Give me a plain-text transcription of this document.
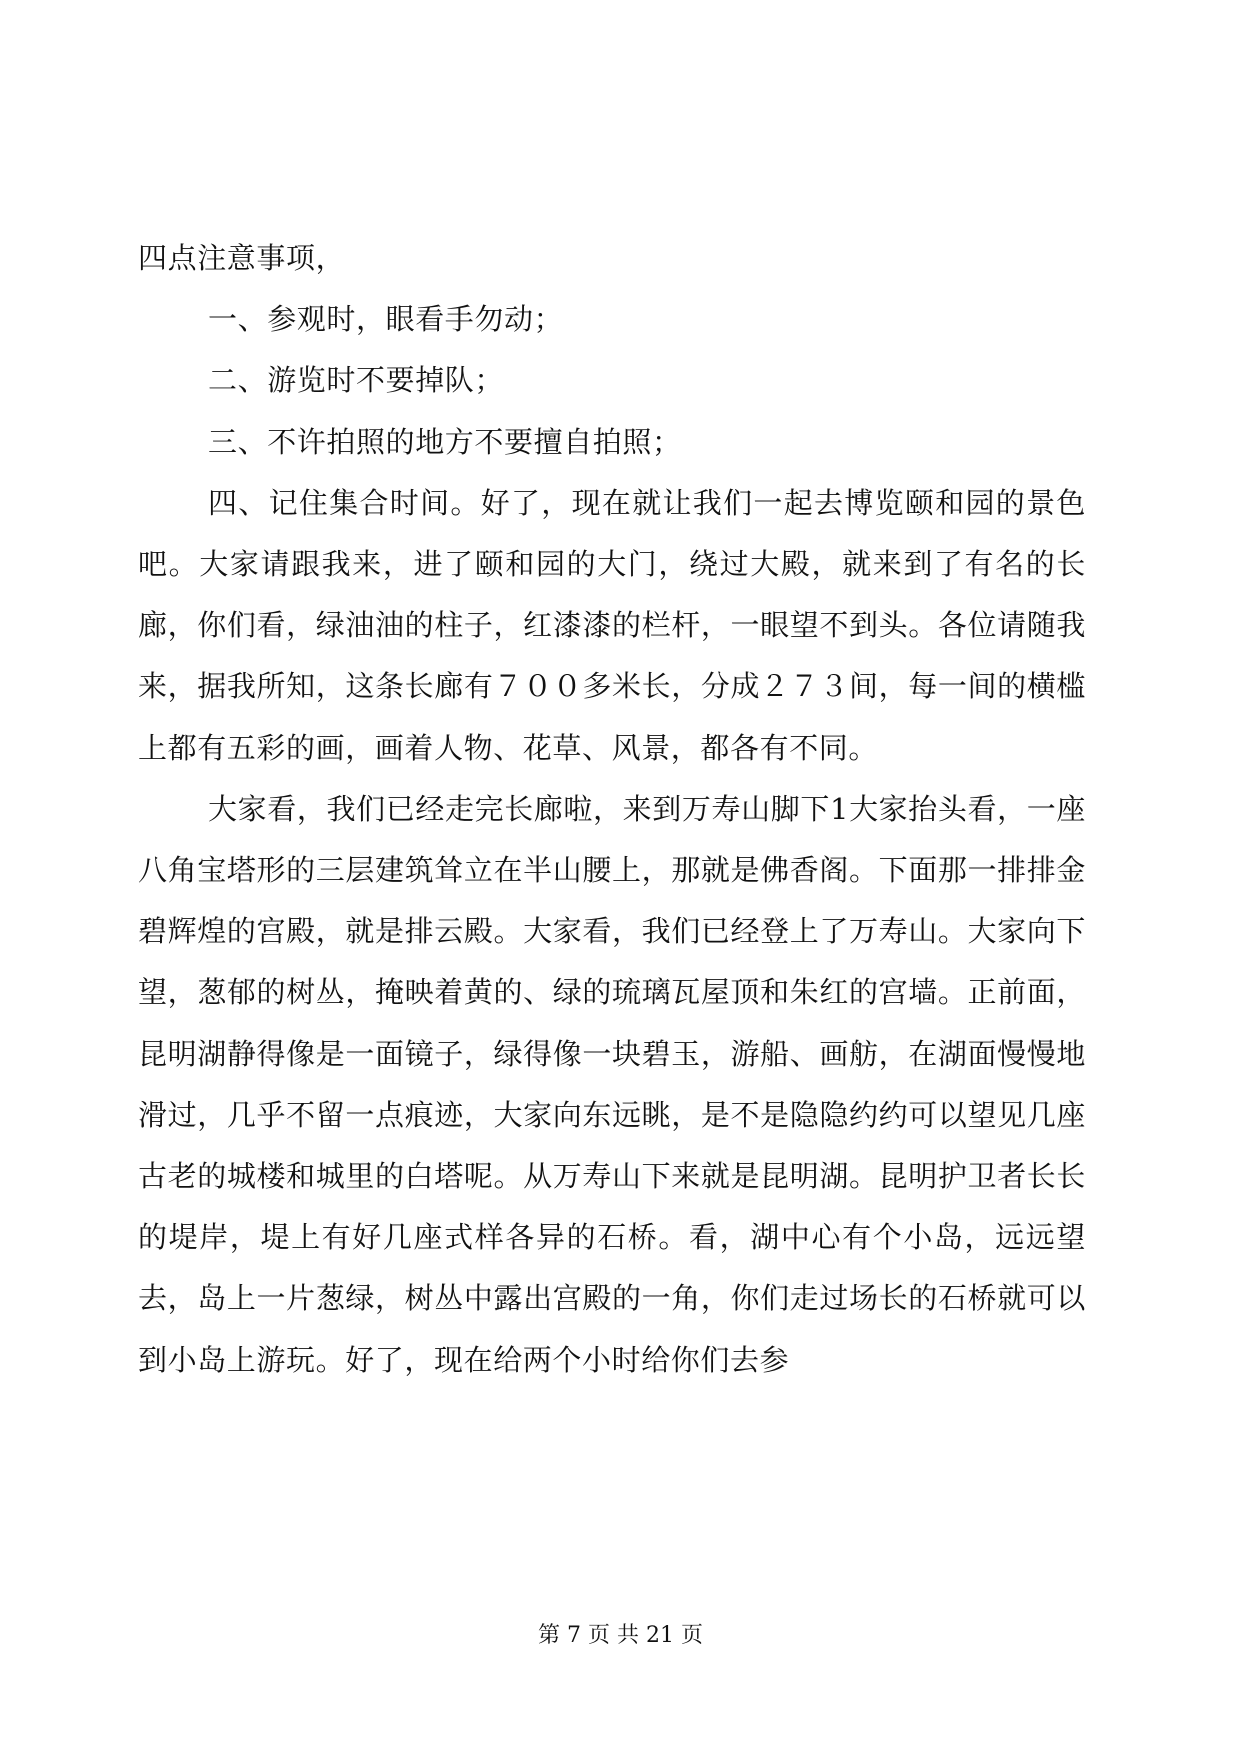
四点注意事项，

一、参观时，眼看手勿动；

二、游览时不要掉队；

三、不许拍照的地方不要擅自拍照；

四、记住集合时间。好了，现在就让我们一起去博览颐和园的景色吧。大家请跟我来，进了颐和园的大门，绕过大殿，就来到了有名的长廊，你们看，绿油油的柱子，红漆漆的栏杆，一眼望不到头。各位请随我来，据我所知，这条长廊有７００多米长，分成２７３间，每一间的横槛上都有五彩的画，画着人物、花草、风景，都各有不同。

大家看，我们已经走完长廊啦，来到万寿山脚下1大家抬头看，一座八角宝塔形的三层建筑耸立在半山腰上，那就是佛香阁。下面那一排排金碧辉煌的宫殿，就是排云殿。大家看，我们已经登上了万寿山。大家向下望，葱郁的树丛，掩映着黄的、绿的琉璃瓦屋顶和朱红的宫墙。正前面，昆明湖静得像是一面镜子，绿得像一块碧玉，游船、画舫，在湖面慢慢地滑过，几乎不留一点痕迹，大家向东远眺，是不是隐隐约约可以望见几座古老的城楼和城里的白塔呢。从万寿山下来就是昆明湖。昆明护卫者长长的堤岸，堤上有好几座式样各异的石桥。看，湖中心有个小岛，远远望去，岛上一片葱绿，树丛中露出宫殿的一角，你们走过场长的石桥就可以到小岛上游玩。好了，现在给两个小时给你们去参

第 7 页 共 21 页
